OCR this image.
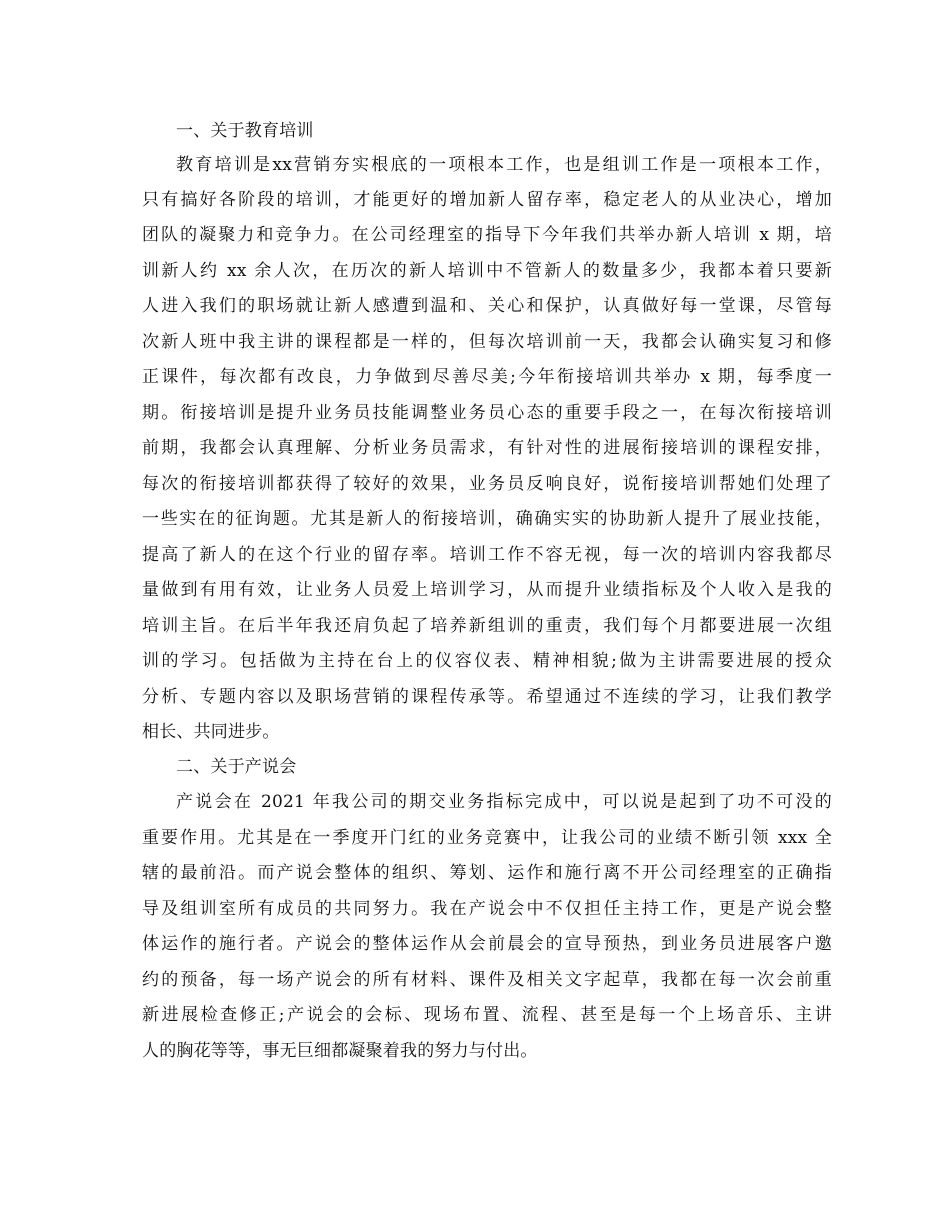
一、关于教育培训
教育培训是xx营销夯实根底的一项根本工作，也是组训工作是一项根本工作，
只有搞好各阶段的培训，才能更好的增加新人留存率，稳定老人的从业决心，增加
团队的凝聚力和竞争力。在公司经理室的指导下今年我们共举办新人培训 x 期，培
训新人约 xx 余人次，在历次的新人培训中不管新人的数量多少，我都本着只要新
人进入我们的职场就让新人感遭到温和、关心和保护，认真做好每一堂课，尽管每
次新人班中我主讲的课程都是一样的，但每次培训前一天，我都会认确实复习和修
正课件，每次都有改良，力争做到尽善尽美;今年衔接培训共举办 x 期，每季度一
期。衔接培训是提升业务员技能调整业务员心态的重要手段之一，在每次衔接培训
前期，我都会认真理解、分析业务员需求，有针对性的进展衔接培训的课程安排，
每次的衔接培训都获得了较好的效果，业务员反响良好，说衔接培训帮她们处理了
一些实在的征询题。尤其是新人的衔接培训，确确实实的协助新人提升了展业技能，
提高了新人的在这个行业的留存率。培训工作不容无视，每一次的培训内容我都尽
量做到有用有效，让业务人员爱上培训学习，从而提升业绩指标及个人收入是我的
培训主旨。在后半年我还肩负起了培养新组训的重责，我们每个月都要进展一次组
训的学习。包括做为主持在台上的仪容仪表、精神相貌;做为主讲需要进展的授众
分析、专题内容以及职场营销的课程传承等。希望通过不连续的学习，让我们教学
相长、共同进步。
二、关于产说会
产说会在 2021 年我公司的期交业务指标完成中，可以说是起到了功不可没的
重要作用。尤其是在一季度开门红的业务竞赛中，让我公司的业绩不断引领 xxx 全
辖的最前沿。而产说会整体的组织、筹划、运作和施行离不开公司经理室的正确指
导及组训室所有成员的共同努力。我在产说会中不仅担任主持工作，更是产说会整
体运作的施行者。产说会的整体运作从会前晨会的宣导预热，到业务员进展客户邀
约的预备，每一场产说会的所有材料、课件及相关文字起草，我都在每一次会前重
新进展检查修正;产说会的会标、现场布置、流程、甚至是每一个上场音乐、主讲
人的胸花等等，事无巨细都凝聚着我的努力与付出。
